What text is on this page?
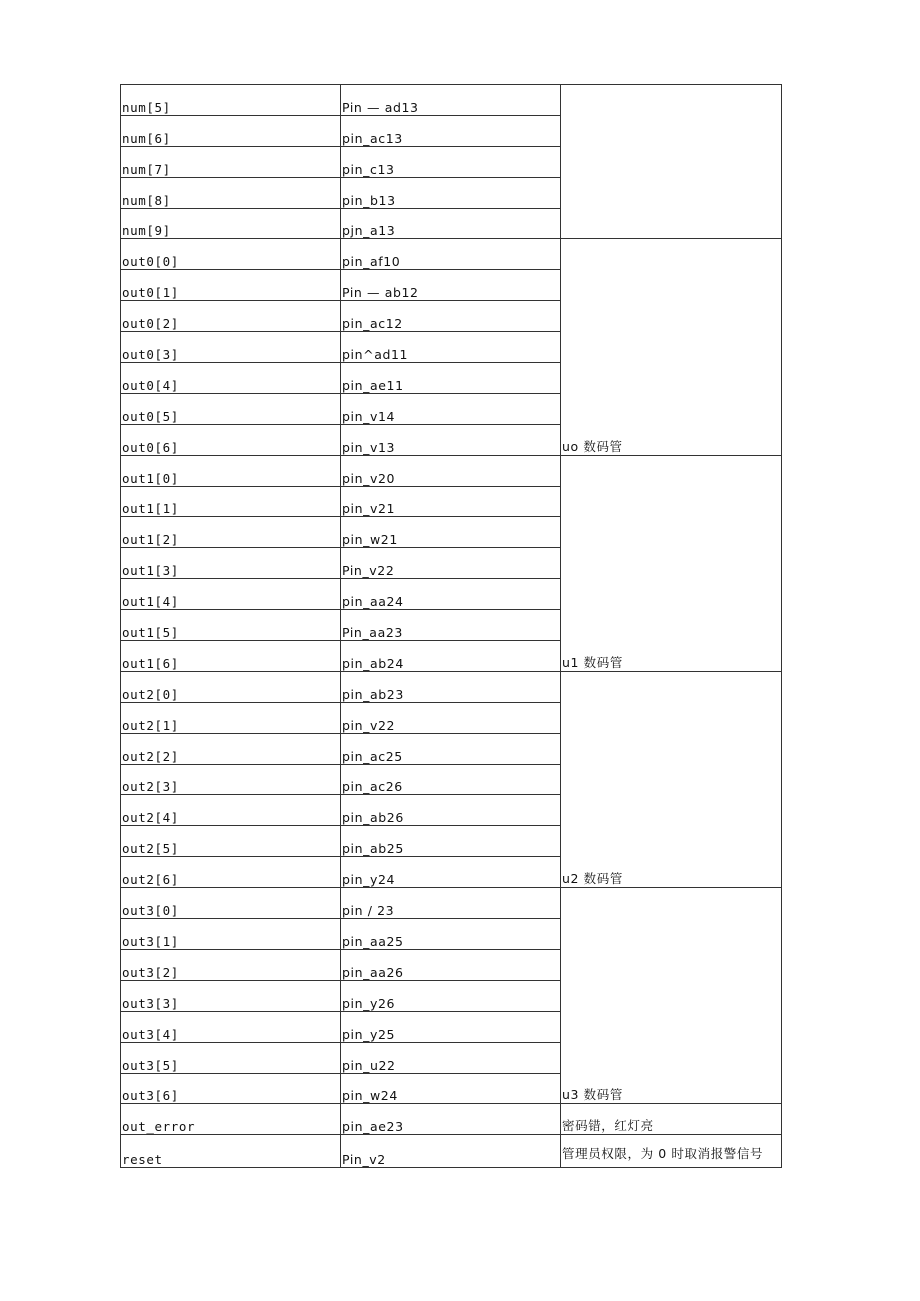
num[5]	Pin — ad13	
num[6]	pin_ac13	
num[7]	pin_c13	
num[8]	pin_b13	
num[9]	pjn_a13	
out0[0]	pin_af10	uo 数码管
out0[1]	Pin — ab12	
out0[2]	pin_ac12	
out0[3]	pin^ad11	
out0[4]	pin_ae11	
out0[5]	pin_v14	
out0[6]	pin_v13	
out1[0]	pin_v20	u1 数码管
out1[1]	pin_v21	
out1[2]	pin_w21	
out1[3]	Pin_v22	
out1[4]	pin_aa24	
out1[5]	Pin_aa23	
out1[6]	pin_ab24	
out2[0]	pin_ab23	u2 数码管
out2[1]	pin_v22	
out2[2]	pin_ac25	
out2[3]	pin_ac26	
out2[4]	pin_ab26	
out2[5]	pin_ab25	
out2[6]	pin_y24	
out3[0]	pin / 23	u3 数码管
out3[1]	pin_aa25	
out3[2]	pin_aa26	
out3[3]	pin_y26	
out3[4]	pin_y25	
out3[5]	pin_u22	
out3[6]	pin_w24	
out_error	pin_ae23	密码错，红灯亮
reset	Pin_v2	管理员权限，为 0 时取消报警信号
